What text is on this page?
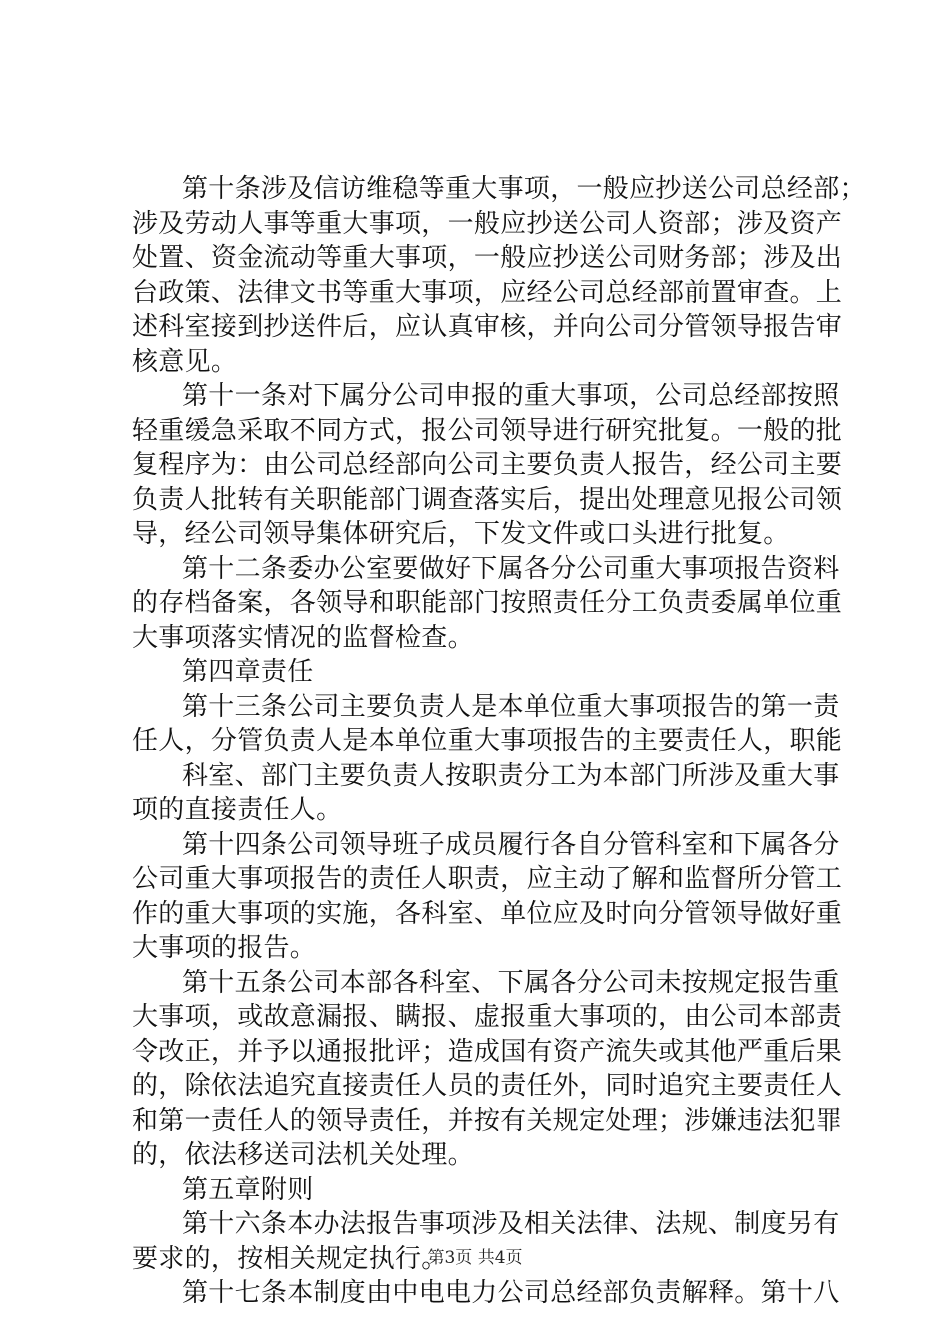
第十条涉及信访维稳等重大事项，一般应抄送公司总经部；
涉及劳动人事等重大事项，一般应抄送公司人资部；涉及资产
处置、资金流动等重大事项，一般应抄送公司财务部；涉及出
台政策、法律文书等重大事项，应经公司总经部前置审查。上
述科室接到抄送件后，应认真审核，并向公司分管领导报告审
核意见。
第十一条对下属分公司申报的重大事项，公司总经部按照
轻重缓急采取不同方式，报公司领导进行研究批复。一般的批
复程序为：由公司总经部向公司主要负责人报告，经公司主要
负责人批转有关职能部门调查落实后，提出处理意见报公司领
导，经公司领导集体研究后，下发文件或口头进行批复。
第十二条委办公室要做好下属各分公司重大事项报告资料
的存档备案，各领导和职能部门按照责任分工负责委属单位重
大事项落实情况的监督检查。
第四章责任
第十三条公司主要负责人是本单位重大事项报告的第一责
任人，分管负责人是本单位重大事项报告的主要责任人，职能
科室、部门主要负责人按职责分工为本部门所涉及重大事
项的直接责任人。
第十四条公司领导班子成员履行各自分管科室和下属各分
公司重大事项报告的责任人职责，应主动了解和监督所分管工
作的重大事项的实施，各科室、单位应及时向分管领导做好重
大事项的报告。
第十五条公司本部各科室、下属各分公司未按规定报告重
大事项，或故意漏报、瞒报、虚报重大事项的，由公司本部责
令改正，并予以通报批评；造成国有资产流失或其他严重后果
的，除依法追究直接责任人员的责任外，同时追究主要责任人
和第一责任人的领导责任，并按有关规定处理；涉嫌违法犯罪
的，依法移送司法机关处理。
第五章附则
第十六条本办法报告事项涉及相关法律、法规、制度另有
要求的，按相关规定执行。
第十七条本制度由中电电力公司总经部负责解释。第十八
第3页 共4页
